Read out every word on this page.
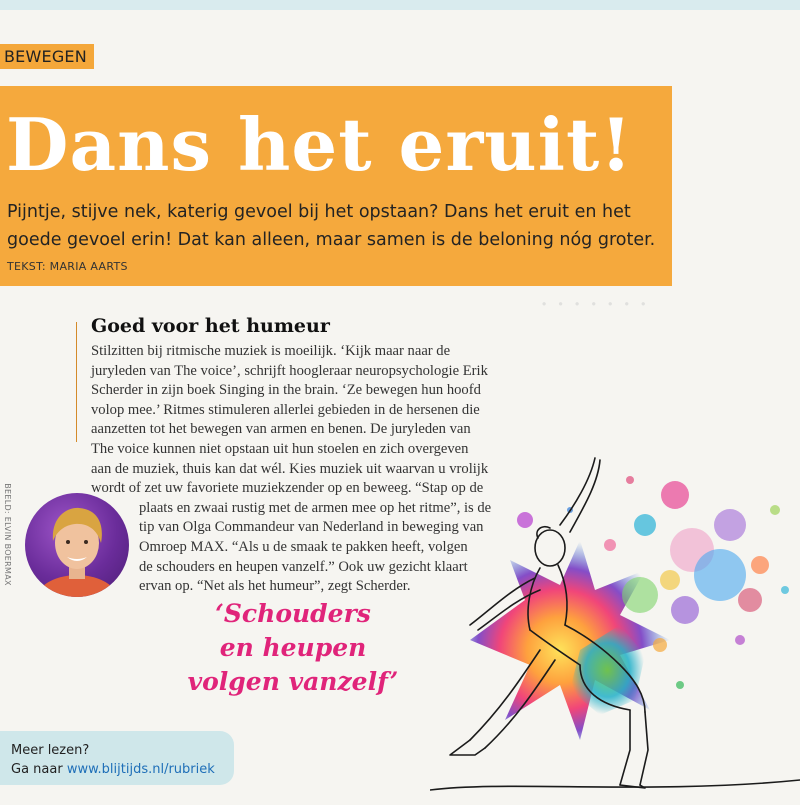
· · · · · · ·
BEWEGEN
Dans het eruit!

Pijntje, stijve nek, katerig gevoel bij het opstaan? Dans het eruit en het
goede gevoel erin! Dat kan alleen, maar samen is de beloning nóg groter.

TEKST: MARIA AARTS
Goed voor het humeur

Stilzitten bij ritmische muziek is moeilijk. ‘Kijk maar naar de
juryleden van The voice’, schrijft hoogleraar neuropsychologie Erik
Scherder in zijn boek Singing in the brain. ‘Ze bewegen hun hoofd
volop mee.’ Ritmes stimuleren allerlei gebieden in de hersenen die
aanzetten tot het bewegen van armen en benen. De juryleden van
The voice kunnen niet opstaan uit hun stoelen en zich overgeven
aan de muziek, thuis kan dat wél. Kies muziek uit waarvan u vrolijk
wordt of zet uw favoriete muziekzender op en beweeg. “Stap op de
plaats en zwaai rustig met de armen mee op het ritme”, is de
tip van Olga Commandeur van Nederland in beweging van
Omroep MAX. “Als u de smaak te pakken heeft, volgen
de schouders en heupen vanzelf.” Ook uw gezicht klaart
ervan op. “Net als het humeur”, zegt Scherder.

BEELD: ELVIN BOERMAX

‘Schouders
en heupen
volgen vanzelf’

Meer lezen?
Ga naar www.blijtijds.nl/rubriek
